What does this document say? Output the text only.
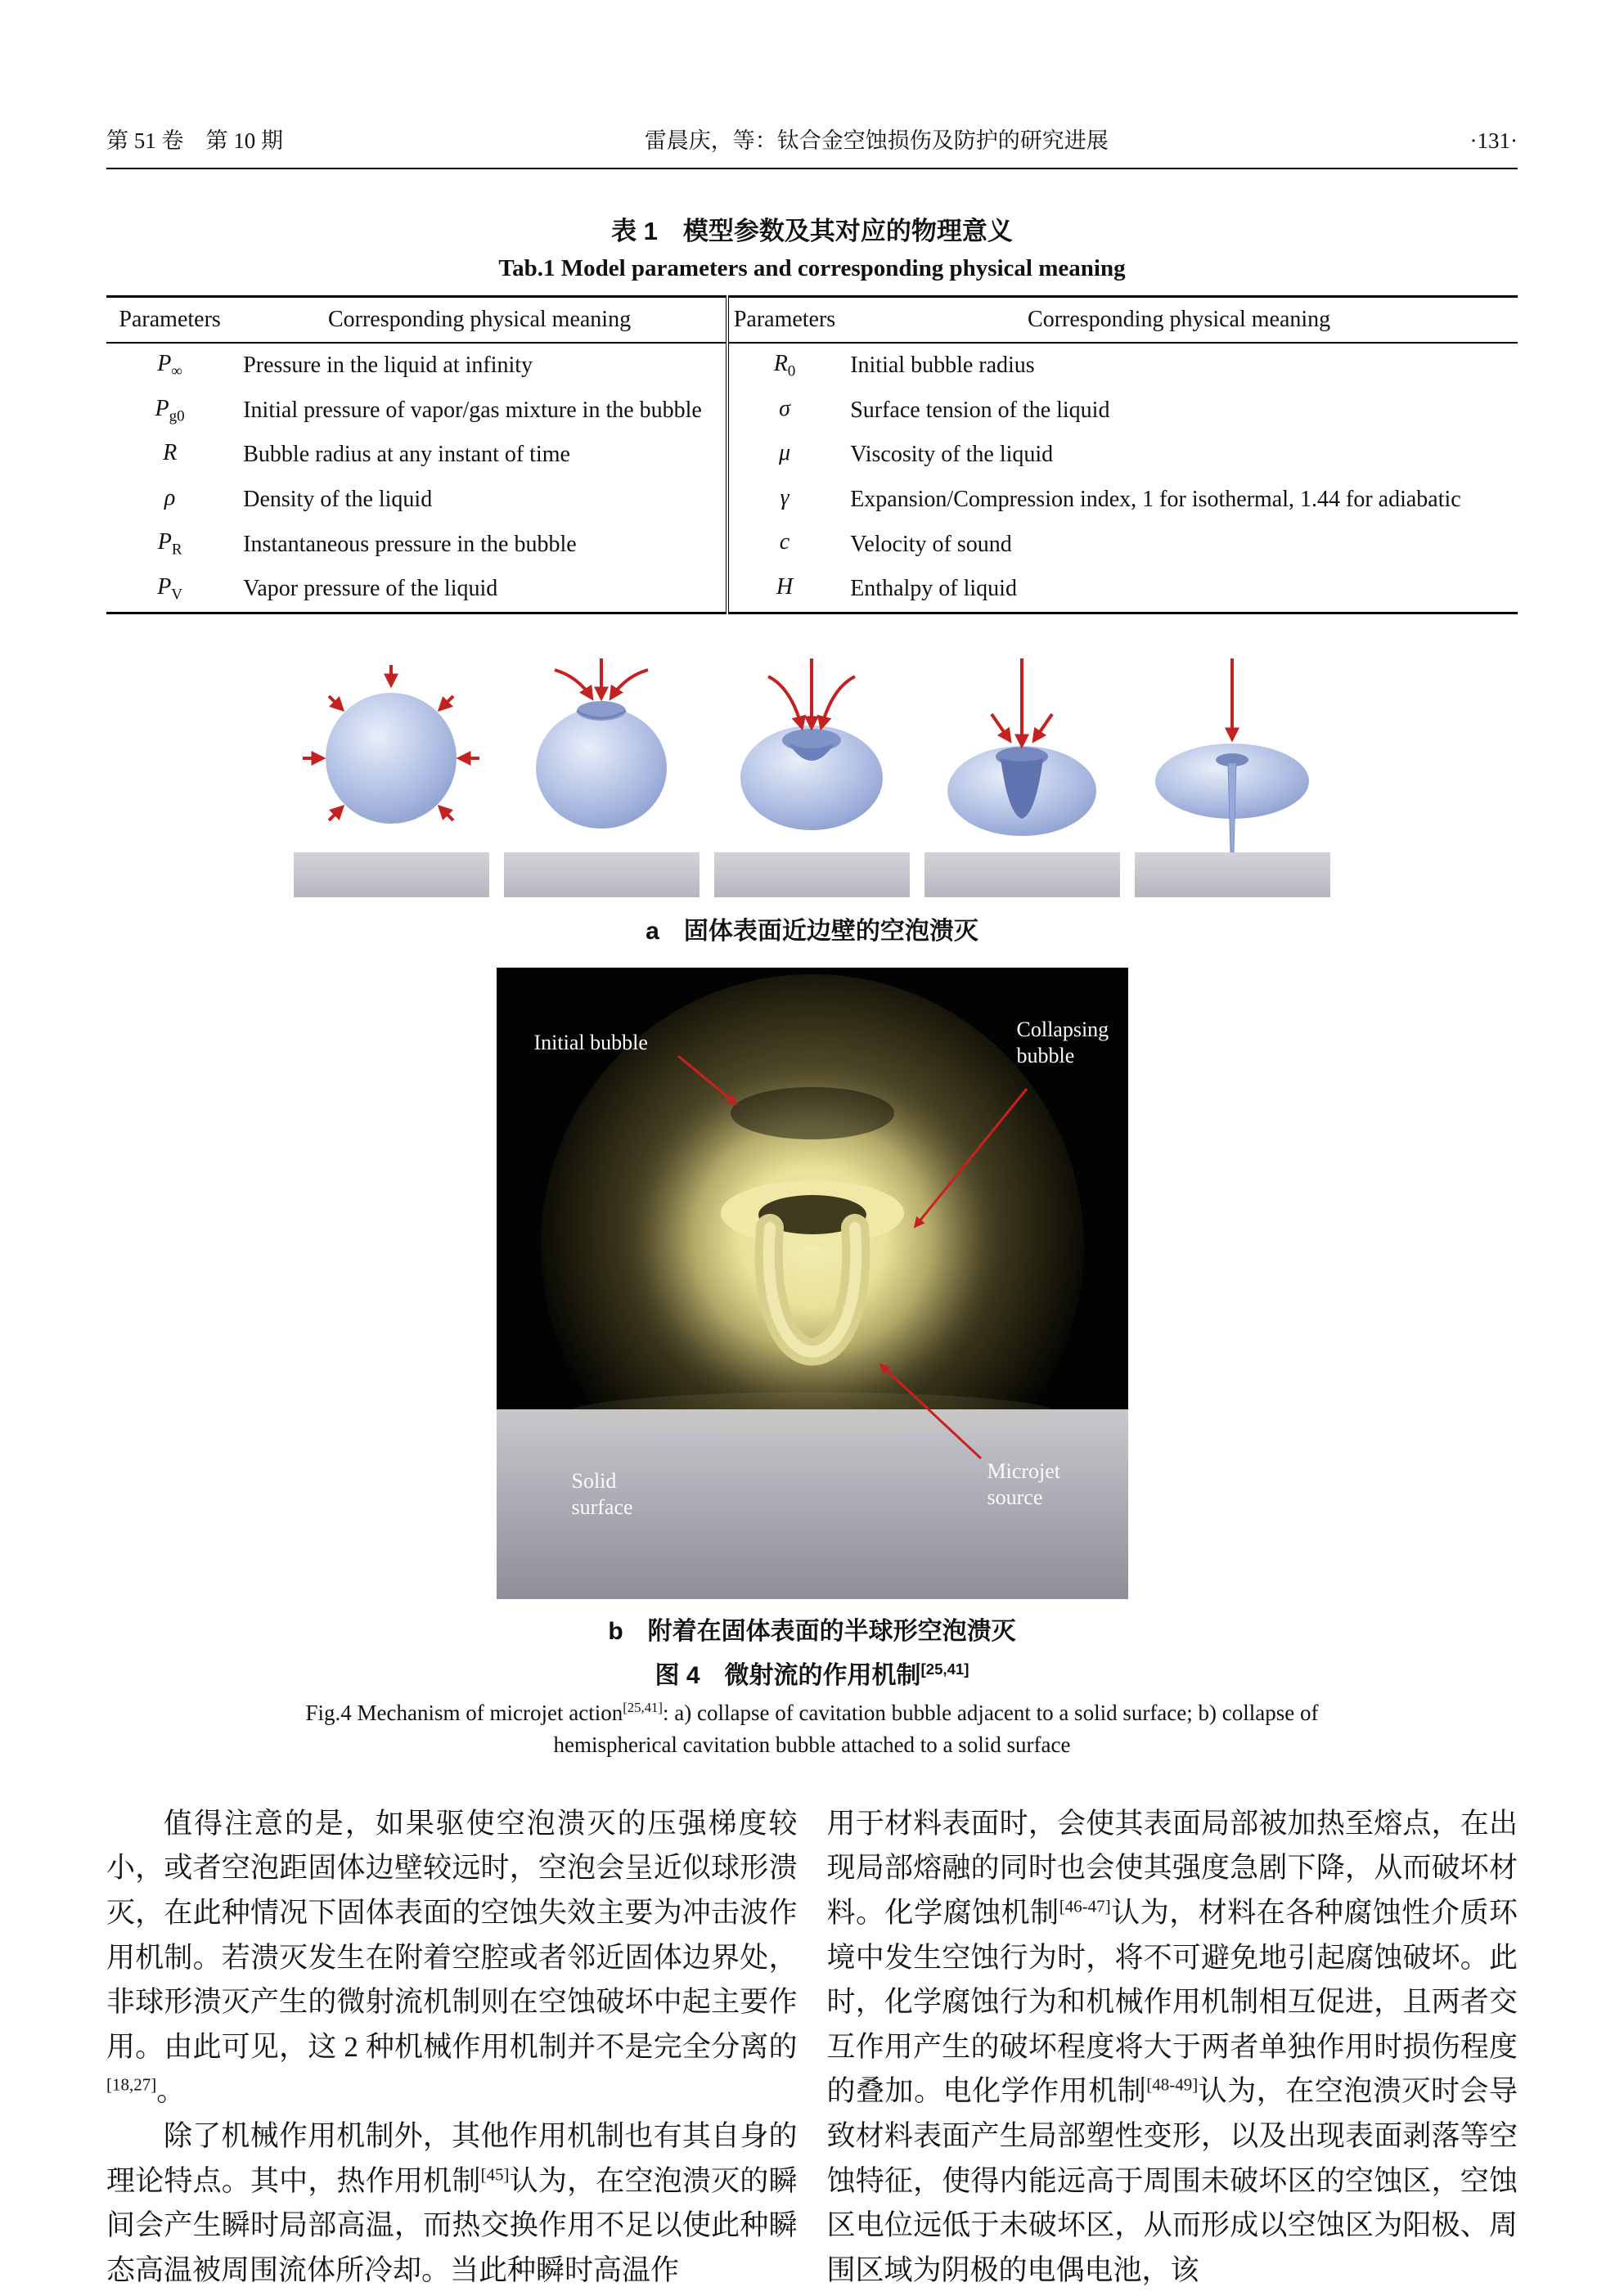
第 51 卷　第 10 期	雷晨庆，等：钛合金空蚀损伤及防护的研究进展	·131·
表 1　模型参数及其对应的物理意义
Tab.1 Model parameters and corresponding physical meaning
Parameters	Corresponding physical meaning	Parameters	Corresponding physical meaning
$P_\infty$	Pressure in the liquid at infinity	$R_0$	Initial bubble radius
$P_{g0}$	Initial pressure of vapor/gas mixture in the bubble	σ	Surface tension of the liquid
R	Bubble radius at any instant of time	μ	Viscosity of the liquid
ρ	Density of the liquid	γ	Expansion/Compression index, 1 for isothermal, 1.44 for adiabatic
$P_R$	Instantaneous pressure in the bubble	c	Velocity of sound
$P_V$	Vapor pressure of the liquid	H	Enthalpy of liquid
a　固体表面近边壁的空泡溃灭
Initial bubble
Collapsing bubble
Microjet source
Solid surface
b　附着在固体表面的半球形空泡溃灭
图 4　微射流的作用机制[25,41]
Fig.4 Mechanism of microjet action[25,41]: a) collapse of cavitation bubble adjacent to a solid surface; b) collapse of hemispherical cavitation bubble attached to a solid surface

值得注意的是，如果驱使空泡溃灭的压强梯度较小，或者空泡距固体边壁较远时，空泡会呈近似球形溃灭，在此种情况下固体表面的空蚀失效主要为冲击波作用机制。若溃灭发生在附着空腔或者邻近固体边界处，非球形溃灭产生的微射流机制则在空蚀破坏中起主要作用。由此可见，这 2 种机械作用机制并不是完全分离的[18,27]。

除了机械作用机制外，其他作用机制也有其自身的理论特点。其中，热作用机制[45]认为，在空泡溃灭的瞬间会产生瞬时局部高温，而热交换作用不足以使此种瞬态高温被周围流体所冷却。当此种瞬时高温作

用于材料表面时，会使其表面局部被加热至熔点，在出现局部熔融的同时也会使其强度急剧下降，从而破坏材料。化学腐蚀机制[46-47]认为，材料在各种腐蚀性介质环境中发生空蚀行为时，将不可避免地引起腐蚀破坏。此时，化学腐蚀行为和机械作用机制相互促进，且两者交互作用产生的破坏程度将大于两者单独作用时损伤程度的叠加。电化学作用机制[48-49]认为，在空泡溃灭时会导致材料表面产生局部塑性变形，以及出现表面剥落等空蚀特征，使得内能远高于周围未破坏区的空蚀区，空蚀区电位远低于未破坏区，从而形成以空蚀区为阳极、周围区域为阴极的电偶电池，该
